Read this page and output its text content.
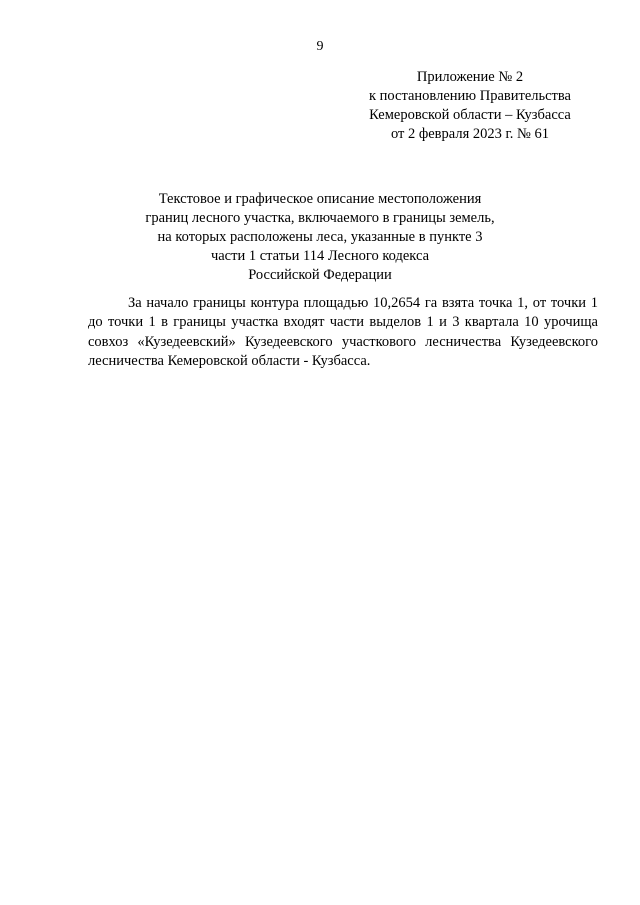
9
Приложение № 2
к постановлению Правительства
Кемеровской области – Кузбасса
от 2 февраля 2023 г. № 61
Текстовое и графическое описание местоположения
границ лесного участка, включаемого в границы земель,
на которых расположены леса, указанные в пункте 3
части 1 статьи 114 Лесного кодекса
Российской Федерации

За начало границы контура площадью 10,2654 га взята точка 1, от точки 1 до точки 1 в границы участка входят части выделов 1 и 3 квартала 10 урочища совхоз «Кузедеевский» Кузедеевского участкового лесничества Кузедеевского лесничества Кемеровской области - Кузбасса.
